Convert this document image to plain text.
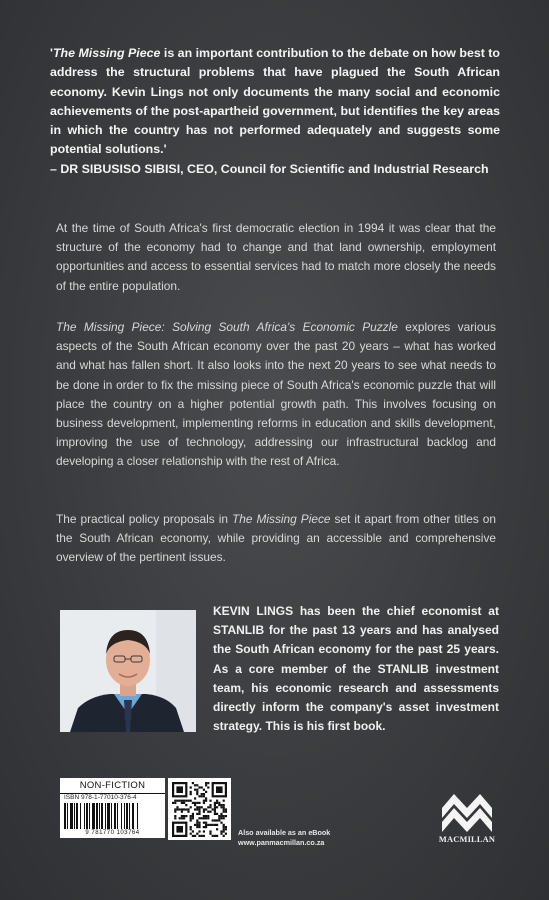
'The Missing Piece is an important contribution to the debate on how best to address the structural problems that have plagued the South African economy. Kevin Lings not only documents the many social and economic achievements of the post-apartheid government, but identifies the key areas in which the country has not performed adequately and suggests some potential solutions.'
– DR SIBUSISO SIBISI, CEO, Council for Scientific and Industrial Research
At the time of South Africa's first democratic election in 1994 it was clear that the structure of the economy had to change and that land ownership, employment opportunities and access to essential services had to match more closely the needs of the entire population.
The Missing Piece: Solving South Africa's Economic Puzzle explores various aspects of the South African economy over the past 20 years – what has worked and what has fallen short. It also looks into the next 20 years to see what needs to be done in order to fix the missing piece of South Africa's economic puzzle that will place the country on a higher potential growth path. This involves focusing on business development, implementing reforms in education and skills development, improving the use of technology, addressing our infrastructural backlog and developing a closer relationship with the rest of Africa.
The practical policy proposals in The Missing Piece set it apart from other titles on the South African economy, while providing an accessible and comprehensive overview of the pertinent issues.
KEVIN LINGS has been the chief economist at STANLIB for the past 13 years and has analysed the South African economy for the past 25 years. As a core member of the STANLIB investment team, his economic research and assessments directly inform the company's asset investment strategy. This is his first book.
NON-FICTION
ISBN 978-1-77010-376-4
9 781770 103764	Also available as an eBook
www.panmacmillan.co.za	MACMILLAN
